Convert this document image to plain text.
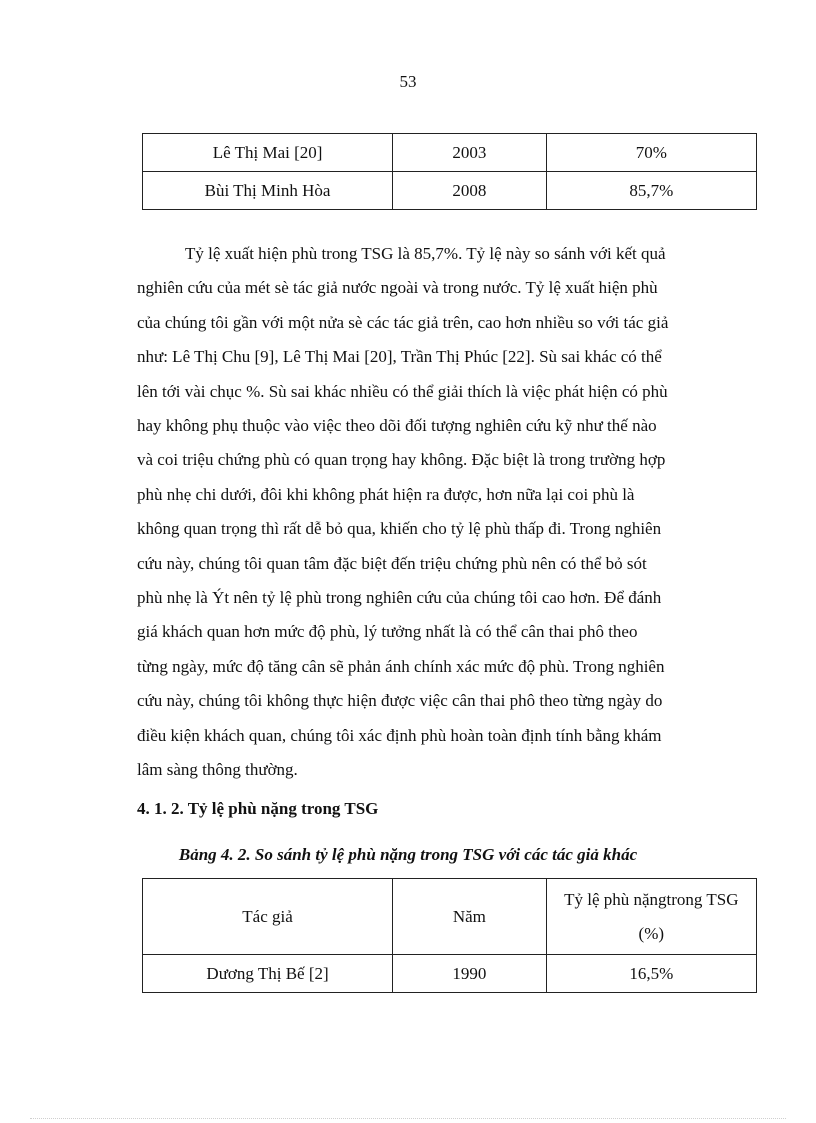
53
Lê Thị Mai [20]	2003	70%
Bùi Thị Minh Hòa	2008	85,7%

Tỷ lệ xuất hiện phù trong TSG là 85,7%. Tỷ lệ này so sánh với kết quả
nghiên cứu của mét sè tác giả nước ngoài và trong nước. Tỷ lệ xuất hiện phù
của chúng tôi gần với một nửa sè các tác giả trên, cao hơn nhiều so với tác giả
như: Lê Thị Chu [9], Lê Thị Mai [20], Trần Thị Phúc [22]. Sù sai khác có thể
lên tới vài chục %. Sù sai khác nhiều có thể giải thích là việc phát hiện có phù
hay không phụ thuộc vào việc theo dõi đối tượng nghiên cứu kỹ như thế nào
và coi triệu chứng phù có quan trọng hay không. Đặc biệt là trong trường hợp
phù nhẹ chi dưới, đôi khi không phát hiện ra được, hơn nữa lại coi phù là
không quan trọng thì rất dễ bỏ qua, khiến cho tỷ lệ phù thấp đi. Trong nghiên
cứu này, chúng tôi quan tâm đặc biệt đến triệu chứng phù nên có thể bỏ sót
phù nhẹ là Ýt nên tỷ lệ phù trong nghiên cứu của chúng tôi cao hơn. Để đánh
giá khách quan hơn mức độ phù, lý tưởng nhất là có thể cân thai phô theo
từng ngày, mức độ tăng cân sẽ phản ánh chính xác mức độ phù. Trong nghiên
cứu này, chúng tôi không thực hiện được việc cân thai phô theo từng ngày do
điều kiện khách quan, chúng tôi xác định phù hoàn toàn định tính bằng khám
lâm sàng thông thường.

4. 1. 2. Tỷ lệ phù nặng trong TSG

Bảng 4. 2. So sánh tỷ lệ phù nặng trong TSG với các tác giả khác

Tác giả	Năm	Tỷ lệ phù nặngtrong TSG
(%)
Dương Thị Bế [2]	1990	16,5%
